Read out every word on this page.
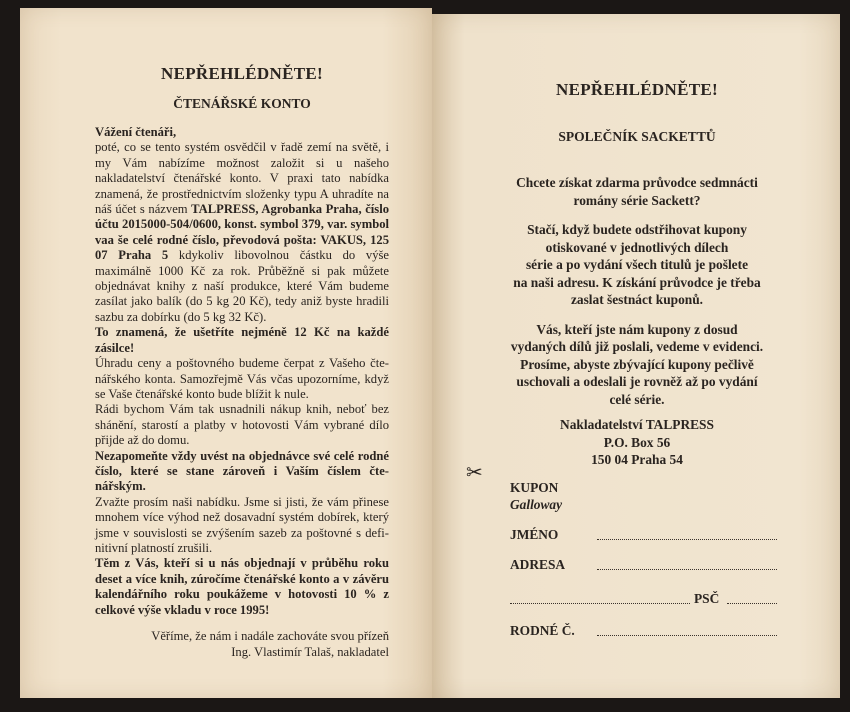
NEPŘEHLÉDNĚTE!
ČTENÁŘSKÉ KONTO

Vážení čtenáři,

poté, co se tento systém osvědčil v řadě zemí na světě, i my Vám nabízíme možnost založit si u našeho nakladatelství čtenářské konto. V praxi tato nabídka znamená, že prostřednictvím složenky typu A uhradíte na náš účet s názvem TALPRESS, Agrobanka Praha, číslo účtu 2015000-504/0600, konst. symbol 379, var. symbol vaa še celé rodné číslo, převodová pošta: VAKUS, 125 07 Praha 5 kdykoliv libovolnou částku do výše maximálně 1000 Kč za rok. Průběžně si pak můžete objednávat knihy z naší produkce, které Vám budeme zasílat jako balík (do 5 kg 20 Kč), tedy aniž byste hradili sazbu za dobírku (do 5 kg 32 Kč).

To znamená, že ušetříte nejméně 12 Kč na každé zásilce!

Úhradu ceny a poštovného budeme čerpat z Vašeho čtenářského konta. Samozřejmě Vás včas upozorníme, když se Vaše čtenářské konto bude blížit k nule.

Rádi bychom Vám tak usnadnili nákup knih, neboť bez shánění, starostí a platby v hotovosti Vám vybrané dílo přijde až do domu.

Nezapomeňte vždy uvést na objednávce své celé rodné číslo, které se stane zároveň i Vaším číslem čtenářským.

Zvažte prosím naši nabídku. Jsme si jisti, že vám přinese mnohem více výhod než dosavadní systém dobírek, který jsme v souvislosti se zvýšením sazeb za poštovné s definitivní platností zrušili.

Těm z Vás, kteří si u nás objednají v průběhu roku deset a více knih, zúročíme čtenářské konto a v závěru kalendářního roku poukážeme v hotovosti 10 % z celkové výše vkladu v roce 1995!

Věříme, že nám i nadále zachováte svou přízeň
Ing. Vlastimír Talaš, nakladatel
NEPŘEHLÉDNĚTE!
SPOLEČNÍK SACKETTŮ
Chcete získat zdarma průvodce sedmnácti
romány série Sackett?
Stačí, když budete odstřihovat kupony
otiskované v jednotlivých dílech
série a po vydání všech titulů je pošlete
na naši adresu. K získání průvodce je třeba
zaslat šestnáct kuponů.
Vás, kteří jste nám kupony z dosud
vydaných dílů již poslali, vedeme v evidenci.
Prosíme, abyste zbývající kupony pečlivě
uschovali a odeslali je rovněž až po vydání
celé série.
Nakladatelství TALPRESS
P.O. Box 56
150 04 Praha 54
✂
KUPON
Galloway
JMÉNO
ADRESA
PSČ
RODNÉ Č.
